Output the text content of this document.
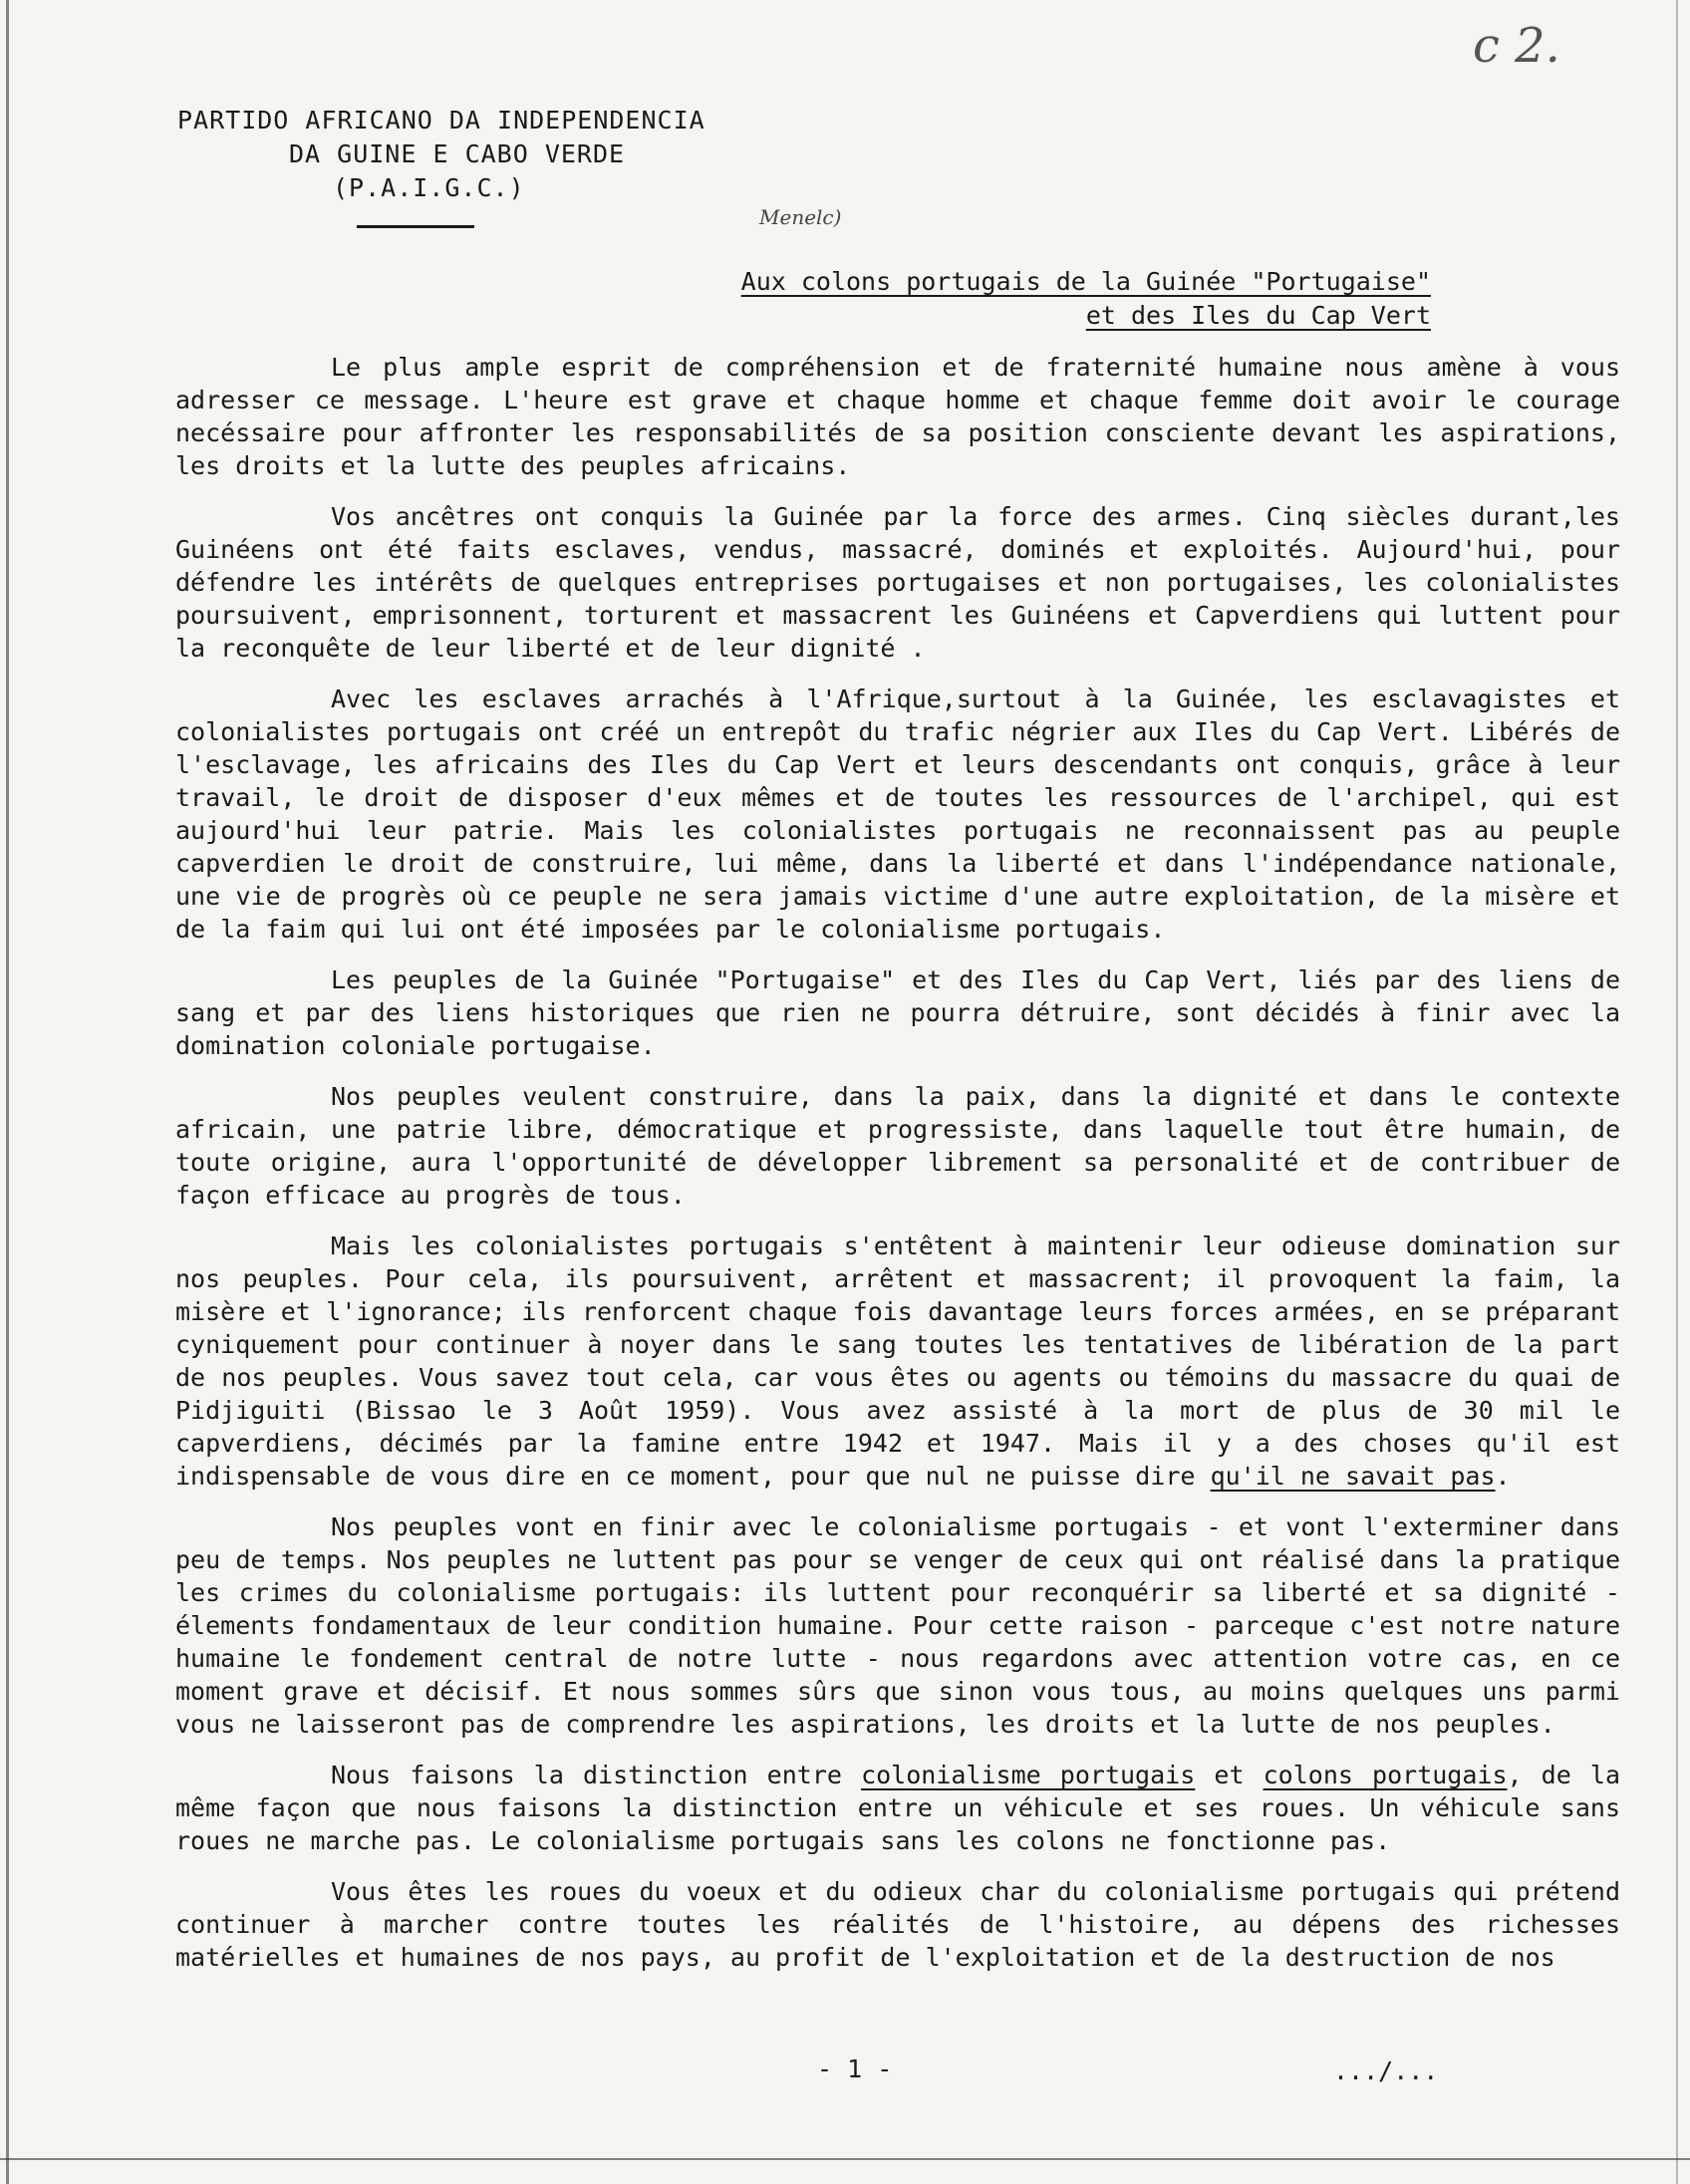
c 2.
PARTIDO AFRICANO DA INDEPENDENCIA
DA GUINE E CABO VERDE
(P.A.I.G.C.)
Menelc)
Aux colons portugais de la Guinée "Portugaise"
et des Iles du Cap Vert

Le plus ample esprit de compréhension et de fraternité humaine nous amène à vous adresser ce message. L'heure est grave et chaque homme et chaque femme doit avoir le courage necéssaire pour affronter les responsabilités de sa position consciente devant les aspirations, les droits et la lutte des peuples africains.

Vos ancêtres ont conquis la Guinée par la force des armes. Cinq siècles durant,les Guinéens ont été faits esclaves, vendus, massacré, dominés et exploités. Aujourd'hui, pour défendre les intérêts de quelques entreprises portugaises et non portugaises, les colonialistes poursuivent, emprisonnent, torturent et massacrent les Guinéens et Capverdiens qui luttent pour la reconquête de leur liberté et de leur dignité .

Avec les esclaves arrachés à l'Afrique,surtout à la Guinée, les esclavagistes et colonialistes portugais ont créé un entrepôt du trafic négrier aux Iles du Cap Vert. Libérés de l'esclavage, les africains des Iles du Cap Vert et leurs descendants ont conquis, grâce à leur travail, le droit de disposer d'eux mêmes et de toutes les ressources de l'archipel, qui est aujourd'hui leur patrie. Mais les colonialistes portugais ne reconnaissent pas au peuple capverdien le droit de construire, lui même, dans la liberté et dans l'indépendance nationale, une vie de progrès où ce peuple ne sera jamais victime d'une autre exploitation, de la misère et de la faim qui lui ont été imposées par le colonialisme portugais.

Les peuples de la Guinée "Portugaise" et des Iles du Cap Vert, liés par des liens de sang et par des liens historiques que rien ne pourra détruire, sont décidés à finir avec la domination coloniale portugaise.

Nos peuples veulent construire, dans la paix, dans la dignité et dans le contexte africain, une patrie libre, démocratique et progressiste, dans laquelle tout être humain, de toute origine, aura l'opportunité de développer librement sa personalité et de contribuer de façon efficace au progrès de tous.

Mais les colonialistes portugais s'entêtent à maintenir leur odieuse domination sur nos peuples. Pour cela, ils poursuivent, arrêtent et massacrent; il provoquent la faim, la misère et l'ignorance; ils renforcent chaque fois davantage leurs forces armées, en se préparant cyniquement pour continuer à noyer dans le sang toutes les tentatives de libération de la part de nos peuples. Vous savez tout cela, car vous êtes ou agents ou témoins du massacre du quai de Pidjiguiti (Bissao le 3 Août 1959). Vous avez assisté à la mort de plus de 30 mil le capverdiens, décimés par la famine entre 1942 et 1947. Mais il y a des choses qu'il est indispensable de vous dire en ce moment, pour que nul ne puisse dire qu'il ne savait pas.

Nos peuples vont en finir avec le colonialisme portugais - et vont l'exterminer dans peu de temps. Nos peuples ne luttent pas pour se venger de ceux qui ont réalisé dans la pratique les crimes du colonialisme portugais: ils luttent pour reconquérir sa liberté et sa dignité - élements fondamentaux de leur condition humaine. Pour cette raison - parceque c'est notre nature humaine le fondement central de notre lutte - nous regardons avec attention votre cas, en ce moment grave et décisif. Et nous sommes sûrs que sinon vous tous, au moins quelques uns parmi vous ne laisseront pas de comprendre les aspirations, les droits et la lutte de nos peuples.

Nous faisons la distinction entre colonialisme portugais et colons portugais, de la même façon que nous faisons la distinction entre un véhicule et ses roues. Un véhicule sans roues ne marche pas. Le colonialisme portugais sans les colons ne fonctionne pas.

Vous êtes les roues du voeux et du odieux char du colonialisme portugais qui prétend continuer à marcher contre toutes les réalités de l'histoire, au dépens des richesses matérielles et humaines de nos pays, au profit de l'exploitation et de la destruction de nos

- 1 -	.../...
